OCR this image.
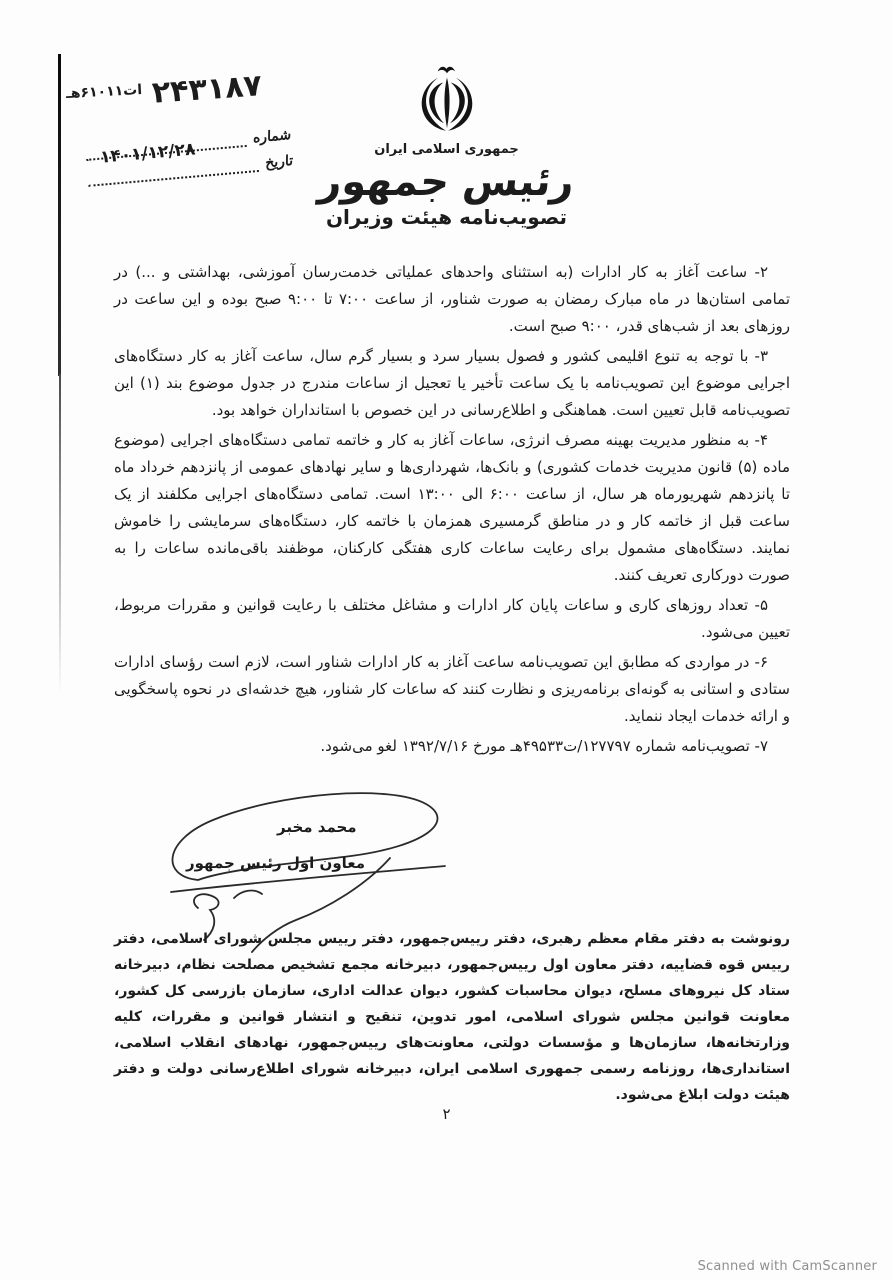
۲۴۳۱۸۷
ات۶۱۰۱۱هـ
شماره
۱۴۰۱/۱۲/۲۸	تاریخ
جمهوری اسلامی ایران
رئیس جمهور
تصویب‌نامه هیئت وزیران

۲- ساعت آغاز به کار ادارات (به استثنای واحدهای عملیاتی خدمت‌رسان آموزشی، بهداشتی و ...) در تمامی استان‌ها در ماه مبارک رمضان به صورت شناور، از ساعت ۷:۰۰ تا ۹:۰۰ صبح بوده و این ساعت در روزهای بعد از شب‌های قدر، ۹:۰۰ صبح است.

۳- با توجه به تنوع اقلیمی کشور و فصول بسیار سرد و بسیار گرم سال، ساعت آغاز به کار دستگاه‌های اجرایی موضوع این تصویب‌نامه با یک ساعت تأخیر یا تعجیل از ساعات مندرج در جدول موضوع بند (۱) این تصویب‌نامه قابل تعیین است. هماهنگی و اطلاع‌رسانی در این خصوص با استانداران خواهد بود.

۴- به منظور مدیریت بهینه مصرف انرژی، ساعات آغاز به کار و خاتمه تمامی دستگاه‌های اجرایی (موضوع ماده (۵) قانون مدیریت خدمات کشوری) و بانک‌ها، شهرداری‌ها و سایر نهادهای عمومی از پانزدهم خرداد ماه تا پانزدهم شهریورماه هر سال، از ساعت ۶:۰۰ الی ۱۳:۰۰ است. تمامی دستگاه‌های اجرایی مکلفند از یک ساعت قبل از خاتمه کار و در مناطق گرمسیری همزمان با خاتمه کار، دستگاه‌های سرمایشی را خاموش نمایند. دستگاه‌های مشمول برای رعایت ساعات کاری هفتگی کارکنان، موظفند باقی‌مانده ساعات را به صورت دورکاری تعریف کنند.

۵- تعداد روزهای کاری و ساعات پایان کار ادارات و مشاغل مختلف با رعایت قوانین و مقررات مربوط، تعیین می‌شود.

۶- در مواردی که مطابق این تصویب‌نامه ساعت آغاز به کار ادارات شناور است، لازم است رؤسای ادارات ستادی و استانی به گونه‌ای برنامه‌ریزی و نظارت کنند که ساعات کار شناور، هیچ خدشه‌ای در نحوه پاسخگویی و ارائه خدمات ایجاد ننماید.

۷- تصویب‌نامه شماره ۱۲۷۷۹۷/ت۴۹۵۳۳هـ مورخ ۱۳۹۲/۷/۱۶ لغو می‌شود.

محمد مخبر
معاون اول رئیس جمهور
رونوشت به دفتر مقام معظم رهبری، دفتر رییس‌جمهور، دفتر رییس مجلس شورای اسلامی، دفتر رییس قوه قضاییه، دفتر معاون اول رییس‌جمهور، دبیرخانه مجمع تشخیص مصلحت نظام، دبیرخانه ستاد کل نیروهای مسلح، دیوان محاسبات کشور، دیوان عدالت اداری، سازمان بازرسی کل کشور، معاونت قوانین مجلس شورای اسلامی، امور تدوین، تنقیح و انتشار قوانین و مقررات، کلیه وزارتخانه‌ها، سازمان‌ها و مؤسسات دولتی، معاونت‌های رییس‌جمهور، نهادهای انقلاب اسلامی، استانداری‌ها، روزنامه رسمی جمهوری اسلامی ایران، دبیرخانه شورای اطلاع‌رسانی دولت و دفتر هیئت دولت ابلاغ می‌شود.
۲
Scanned with CamScanner
